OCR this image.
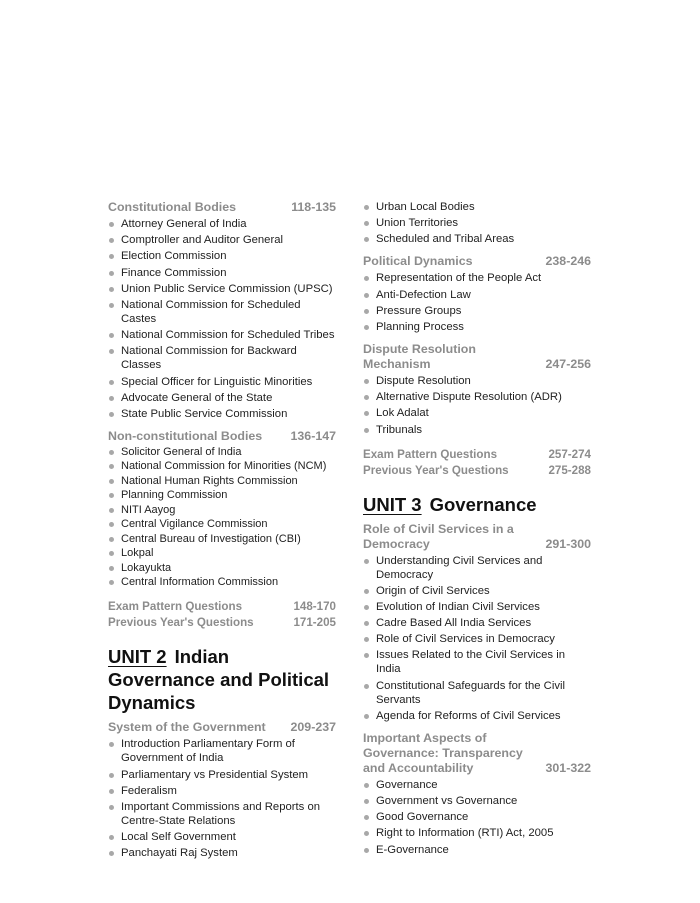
Constitutional Bodies	118-135
Attorney General of India
Comptroller and Auditor General
Election Commission
Finance Commission
Union Public Service Commission (UPSC)
National Commission for Scheduled Castes
National Commission for Scheduled Tribes
National Commission for Backward Classes
Special Officer for Linguistic Minorities
Advocate General of the State
State Public Service Commission
Non-constitutional Bodies 136-147
Solicitor General of India
National Commission for Minorities (NCM)
National Human Rights Commission
Planning Commission
NITI Aayog
Central Vigilance Commission
Central Bureau of Investigation (CBI)
Lokpal
Lokayukta
Central Information Commission
Exam Pattern Questions	148-170
Previous Year's Questions	171-205
UNIT 2 Indian Governance and Political Dynamics
System of the Government 209-237
Introduction Parliamentary Form of Government of India
Parliamentary vs Presidential System
Federalism
Important Commissions and Reports on Centre-State Relations
Local Self Government
Panchayati Raj System
Urban Local Bodies
Union Territories
Scheduled and Tribal Areas
Political Dynamics	238-246
Representation of the People Act
Anti-Defection Law
Pressure Groups
Planning Process
Dispute Resolution Mechanism	247-256
Dispute Resolution
Alternative Dispute Resolution (ADR)
Lok Adalat
Tribunals
Exam Pattern Questions	257-274
Previous Year's Questions	275-288
UNIT 3 Governance
Role of Civil Services in a Democracy	291-300
Understanding Civil Services and Democracy
Origin of Civil Services
Evolution of Indian Civil Services
Cadre Based All India Services
Role of Civil Services in Democracy
Issues Related to the Civil Services in India
Constitutional Safeguards for the Civil Servants
Agenda for Reforms of Civil Services
Important Aspects of Governance: Transparency and Accountability	301-322
Governance
Government vs Governance
Good Governance
Right to Information (RTI) Act, 2005
E-Governance
